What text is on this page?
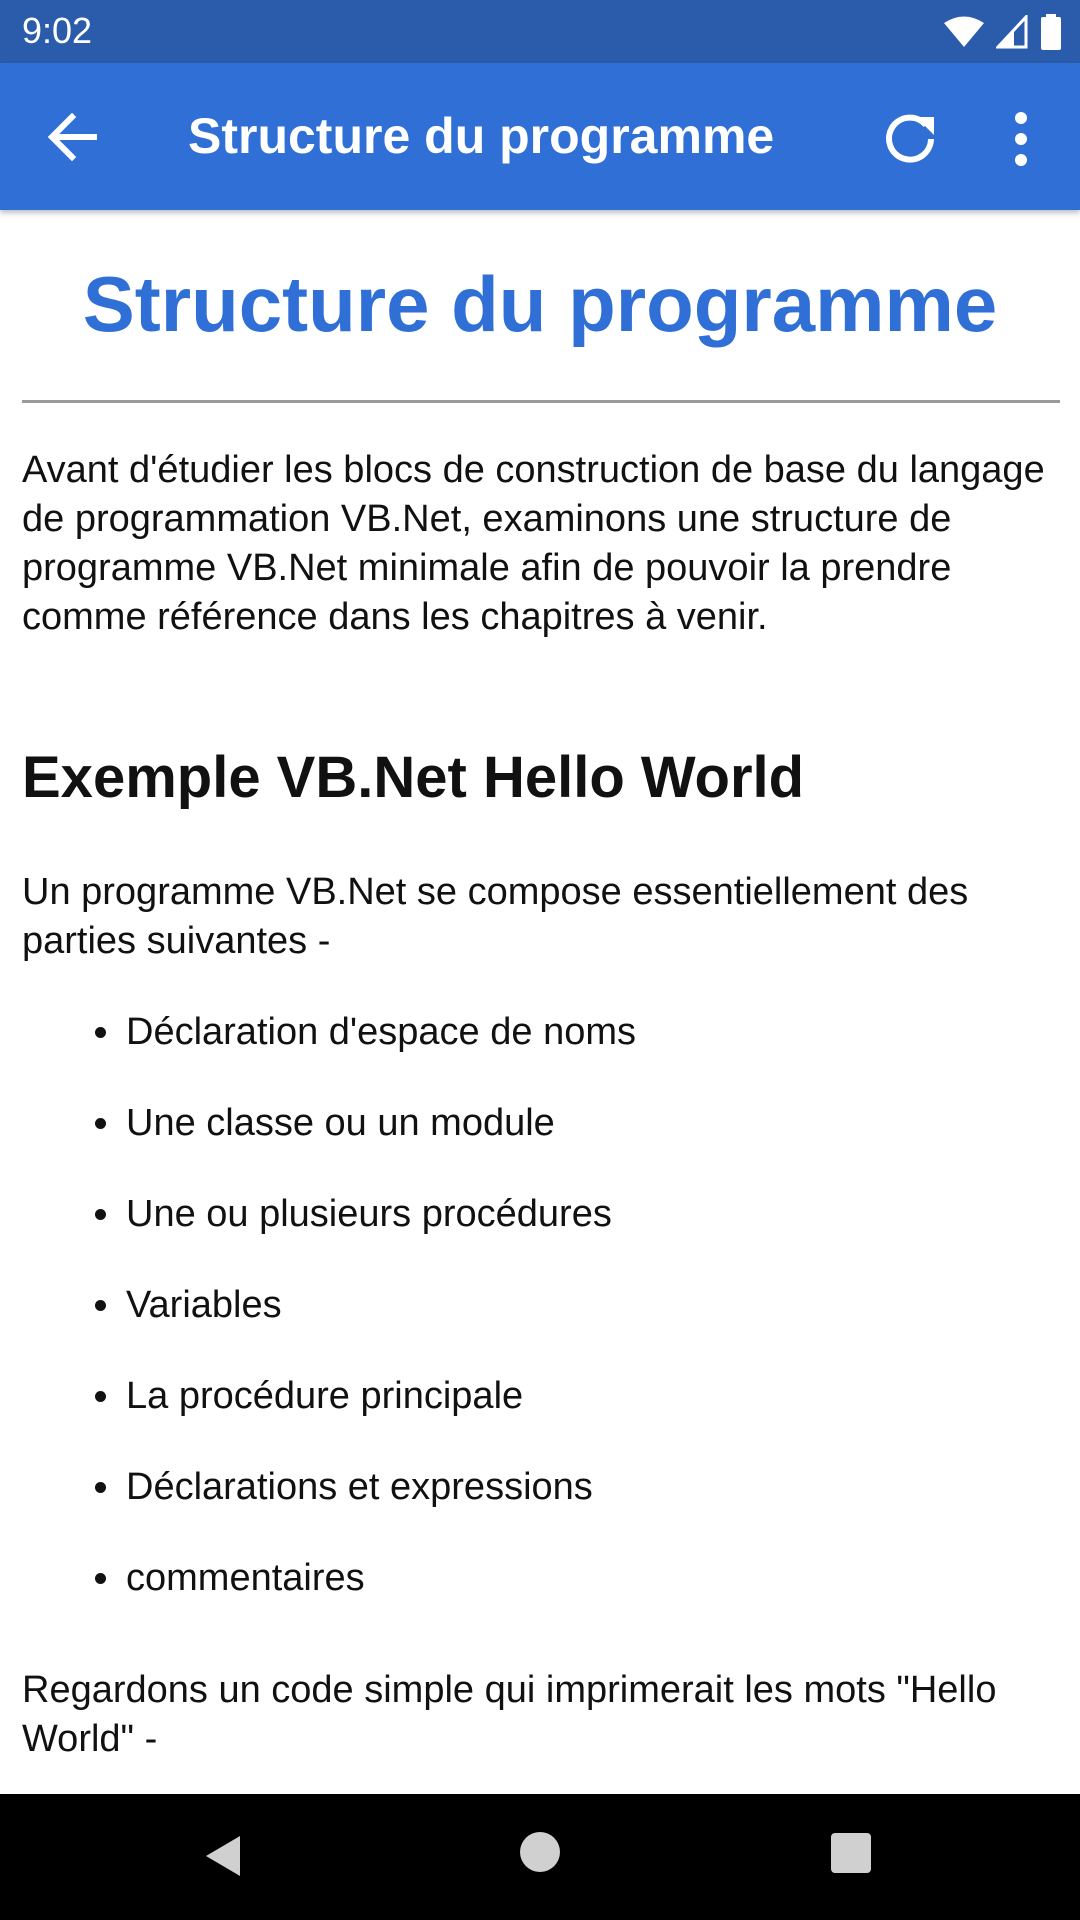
9:02
Structure du programme
Structure du programme

Avant d'étudier les blocs de construction de base du langage de programmation VB.Net, examinons une structure de programme VB.Net minimale afin de pouvoir la prendre comme référence dans les chapitres à venir.

Exemple VB.Net Hello World

Un programme VB.Net se compose essentiellement des parties suivantes -

Déclaration d'espace de noms
Une classe ou un module
Une ou plusieurs procédures
Variables
La procédure principale
Déclarations et expressions
commentaires

Regardons un code simple qui imprimerait les mots "Hello World" -
